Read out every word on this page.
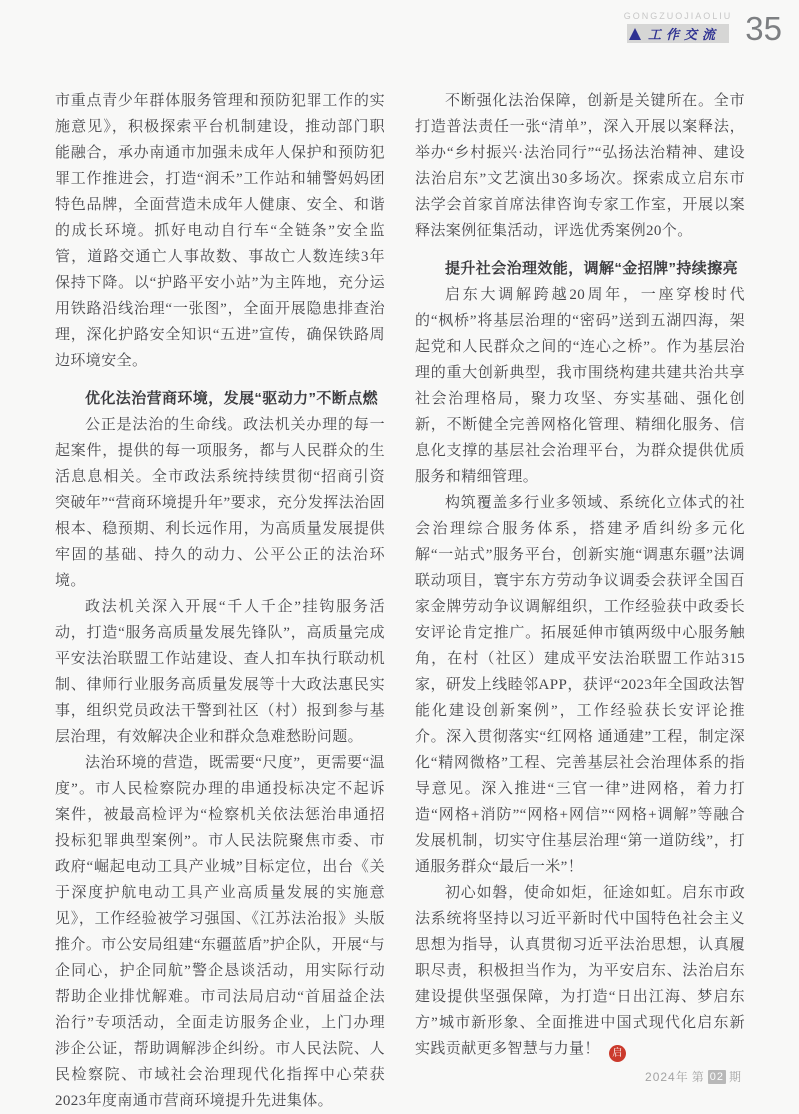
GONGZUOJIAOLIU
工作交流 35

市重点青少年群体服务管理和预防犯罪工作的实施意见》，积极探索平台机制建设，推动部门职能融合，承办南通市加强未成年人保护和预防犯罪工作推进会，打造“润禾”工作站和辅警妈妈团特色品牌，全面营造未成年人健康、安全、和谐的成长环境。抓好电动自行车“全链条”安全监管，道路交通亡人事故数、事故亡人数连续3年保持下降。以“护路平安小站”为主阵地，充分运用铁路沿线治理“一张图”，全面开展隐患排查治理，深化护路安全知识“五进”宣传，确保铁路周边环境安全。

优化法治营商环境，发展“驱动力”不断点燃

公正是法治的生命线。政法机关办理的每一起案件，提供的每一项服务，都与人民群众的生活息息相关。全市政法系统持续贯彻“招商引资突破年”“营商环境提升年”要求，充分发挥法治固根本、稳预期、利长远作用，为高质量发展提供牢固的基础、持久的动力、公平公正的法治环境。

政法机关深入开展“千人千企”挂钩服务活动，打造“服务高质量发展先锋队”，高质量完成平安法治联盟工作站建设、查人扣车执行联动机制、律师行业服务高质量发展等十大政法惠民实事，组织党员政法干警到社区（村）报到参与基层治理，有效解决企业和群众急难愁盼问题。

法治环境的营造，既需要“尺度”，更需要“温度”。市人民检察院办理的串通投标决定不起诉案件，被最高检评为“检察机关依法惩治串通招投标犯罪典型案例”。市人民法院聚焦市委、市政府“崛起电动工具产业城”目标定位，出台《关于深度护航电动工具产业高质量发展的实施意见》，工作经验被学习强国、《江苏法治报》头版推介。市公安局组建“东疆蓝盾”护企队，开展“与企同心，护企同航”警企恳谈活动，用实际行动帮助企业排忧解难。市司法局启动“首届益企法治行”专项活动，全面走访服务企业，上门办理涉企公证，帮助调解涉企纠纷。市人民法院、人民检察院、市域社会治理现代化指挥中心荣获2023年度南通市营商环境提升先进集体。

不断强化法治保障，创新是关键所在。全市打造普法责任一张“清单”，深入开展以案释法，举办“乡村振兴·法治同行”“弘扬法治精神、建设法治启东”文艺演出30多场次。探索成立启东市法学会首家首席法律咨询专家工作室，开展以案释法案例征集活动，评选优秀案例20个。

提升社会治理效能，调解“金招牌”持续擦亮

启东大调解跨越20周年，一座穿梭时代的“枫桥”将基层治理的“密码”送到五湖四海，架起党和人民群众之间的“连心之桥”。作为基层治理的重大创新典型，我市围绕构建共建共治共享社会治理格局，聚力攻坚、夯实基础、强化创新，不断健全完善网格化管理、精细化服务、信息化支撑的基层社会治理平台，为群众提供优质服务和精细管理。

构筑覆盖多行业多领域、系统化立体式的社会治理综合服务体系，搭建矛盾纠纷多元化解“一站式”服务平台，创新实施“调惠东疆”法调联动项目，寰宇东方劳动争议调委会获评全国百家金牌劳动争议调解组织，工作经验获中政委长安评论肯定推广。拓展延伸市镇两级中心服务触角，在村（社区）建成平安法治联盟工作站315家，研发上线睦邻APP，获评“2023年全国政法智能化建设创新案例”，工作经验获长安评论推介。深入贯彻落实“红网格 通通建”工程，制定深化“精网微格”工程、完善基层社会治理体系的指导意见。深入推进“三官一律”进网格，着力打造“网格+消防”“网格+网信”“网格+调解”等融合发展机制，切实守住基层治理“第一道防线”，打通服务群众“最后一米”！

初心如磐，使命如炬，征途如虹。启东市政法系统将坚持以习近平新时代中国特色社会主义思想为指导，认真贯彻习近平法治思想，认真履职尽责，积极担当作为，为平安启东、法治启东建设提供坚强保障，为打造“日出江海、梦启东方”城市新形象、全面推进中国式现代化启东新实践贡献更多智慧与力量！ 启

2024年 第 02 期
